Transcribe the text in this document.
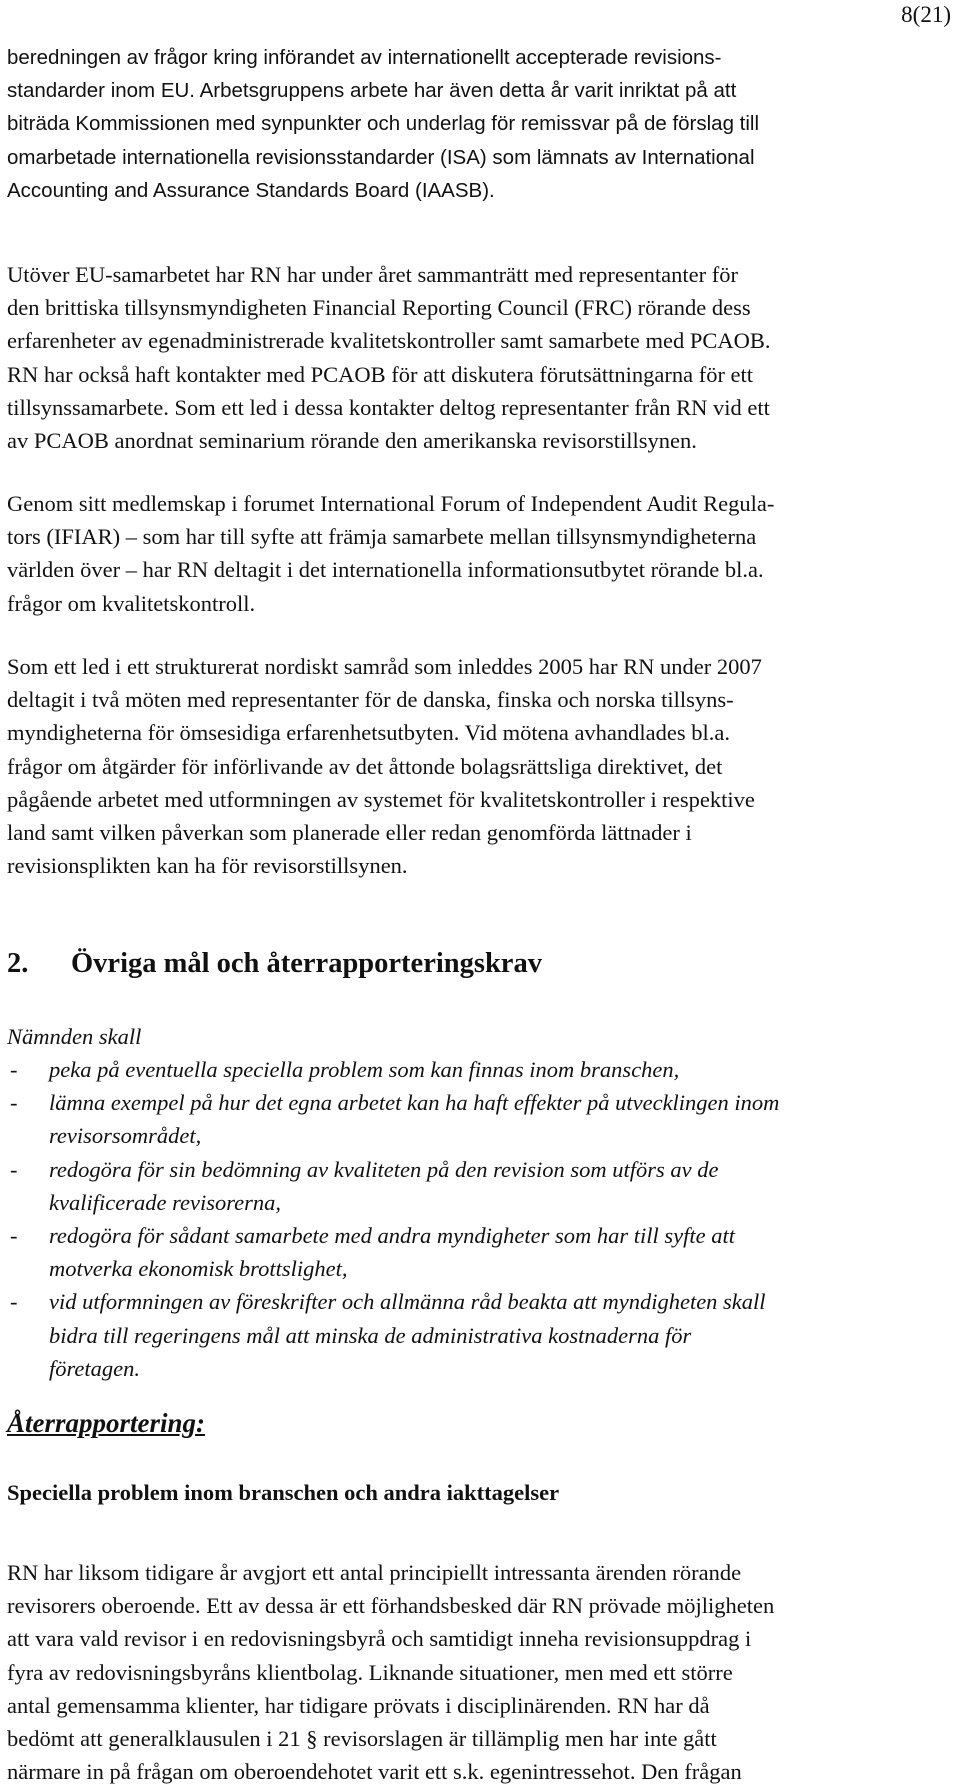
8(21)
beredningen av frågor kring införandet av internationellt accepterade revisions-
standarder inom EU. Arbetsgruppens arbete har även detta år varit inriktat på att
biträda Kommissionen med synpunkter och underlag för remissvar på de förslag till
omarbetade internationella revisionsstandarder (ISA) som lämnats av International
Accounting and Assurance Standards Board (IAASB).
Utöver EU-samarbetet har RN har under året sammanträtt med representanter för
den brittiska tillsynsmyndigheten Financial Reporting Council (FRC) rörande dess
erfarenheter av egenadministrerade kvalitetskontroller samt samarbete med PCAOB.
RN har också haft kontakter med PCAOB för att diskutera förutsättningarna för ett
tillsynssamarbete. Som ett led i dessa kontakter deltog representanter från RN vid ett
av PCAOB anordnat seminarium rörande den amerikanska revisorstillsynen.
Genom sitt medlemskap i forumet International Forum of Independent Audit Regula-
tors (IFIAR) – som har till syfte att främja samarbete mellan tillsynsmyndigheterna
världen över – har RN deltagit i det internationella informationsutbytet rörande bl.a.
frågor om kvalitetskontroll.
Som ett led i ett strukturerat nordiskt samråd som inleddes 2005 har RN under 2007
deltagit i två möten med representanter för de danska, finska och norska tillsyns-
myndigheterna för ömsesidiga erfarenhetsutbyten. Vid mötena avhandlades bl.a.
frågor om åtgärder för införlivande av det åttonde bolagsrättsliga direktivet, det
pågående arbetet med utformningen av systemet för kvalitetskontroller i respektive
land samt vilken påverkan som planerade eller redan genomförda lättnader i
revisionsplikten kan ha för revisorstillsynen.
2. Övriga mål och återrapporteringskrav
Nämnden skall
- peka på eventuella speciella problem som kan finnas inom branschen,
- lämna exempel på hur det egna arbetet kan ha haft effekter på utvecklingen inom
revisorsområdet,
- redogöra för sin bedömning av kvaliteten på den revision som utförs av de
kvalificerade revisorerna,
- redogöra för sådant samarbete med andra myndigheter som har till syfte att
motverka ekonomisk brottslighet,
- vid utformningen av föreskrifter och allmänna råd beakta att myndigheten skall
bidra till regeringens mål att minska de administrativa kostnaderna för
företagen.
Återrapportering:
Speciella problem inom branschen och andra iakttagelser
RN har liksom tidigare år avgjort ett antal principiellt intressanta ärenden rörande
revisorers oberoende. Ett av dessa är ett förhandsbesked där RN prövade möjligheten
att vara vald revisor i en redovisningsbyrå och samtidigt inneha revisionsuppdrag i
fyra av redovisningsbyråns klientbolag. Liknande situationer, men med ett större
antal gemensamma klienter, har tidigare prövats i disciplinärenden. RN har då
bedömt att generalklausulen i 21 § revisorslagen är tillämplig men har inte gått
närmare in på frågan om oberoendehotet varit ett s.k. egenintressehot. Den frågan
